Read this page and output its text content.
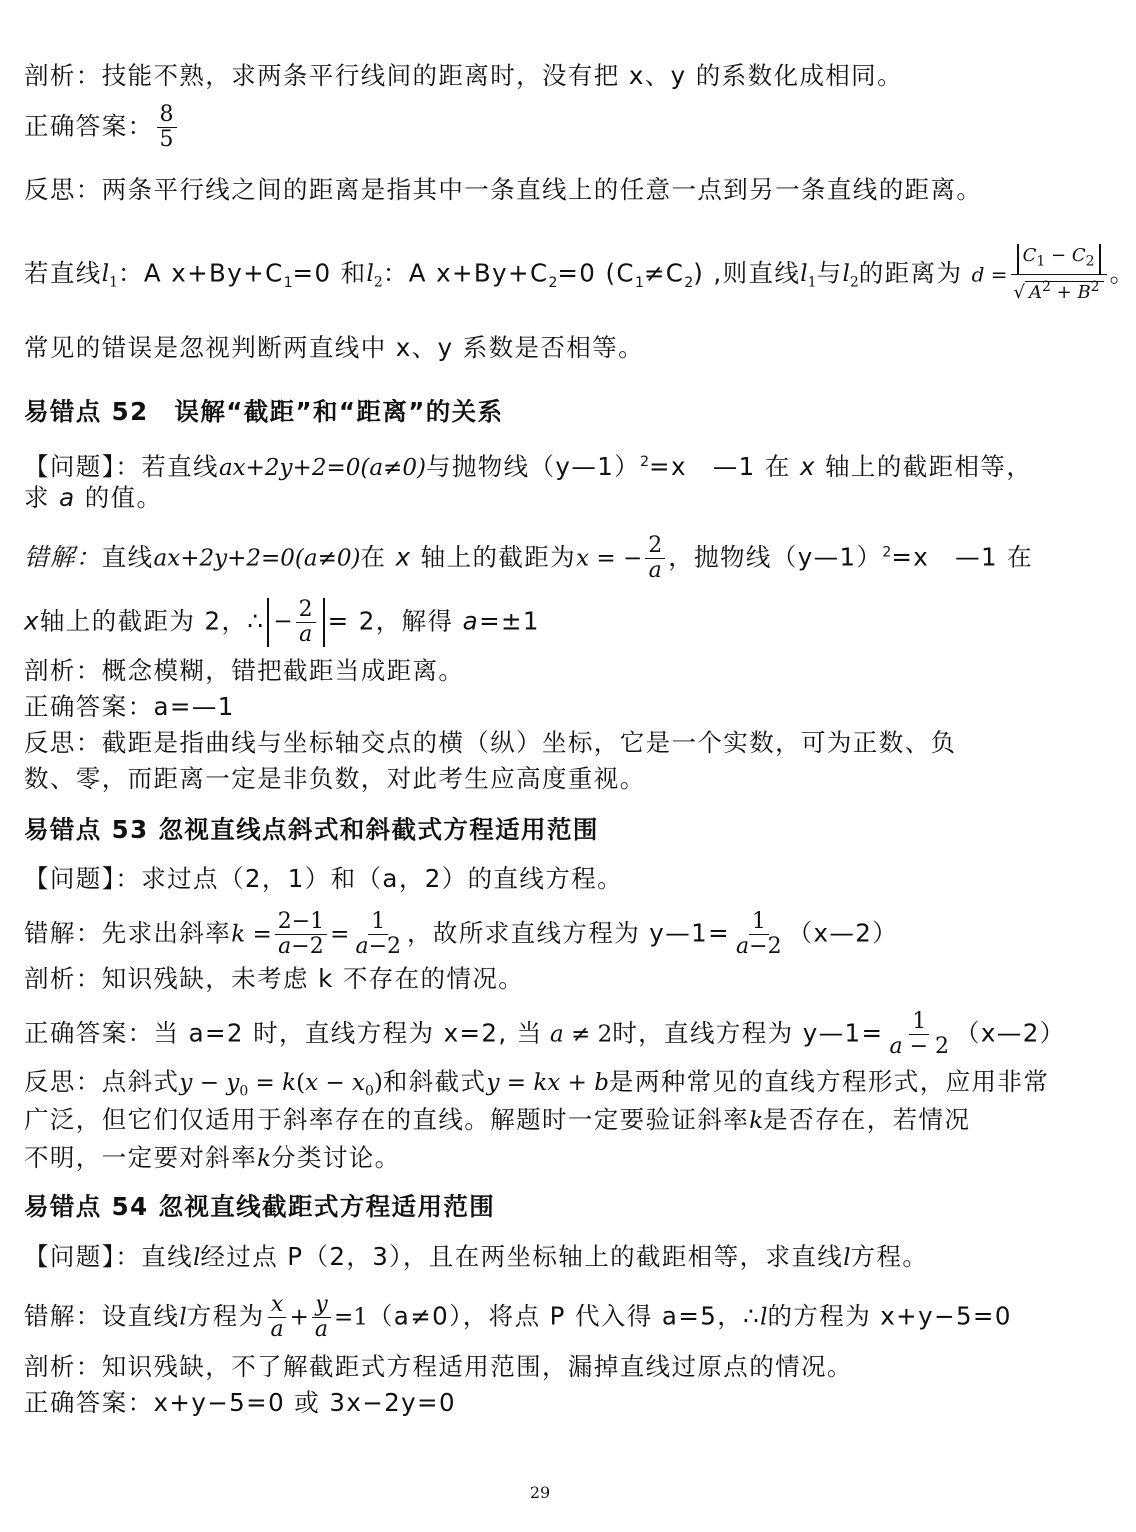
剖析：技能不熟，求两条平行线间的距离时，没有把 x、y 的系数化成相同。
正确答案： $\frac{8}{5}$
反思：两条平行线之间的距离是指其中一条直线上的任意一点到另一条直线的距离。
若直线$l_1$：A $x+By+C_1=0$ 和$l_2$：A $x+By+C_2=0$ $(C_1\ne C_2)$ ,则直线$l_1$与$l_2$的距离为 $d = \frac{C_1 - C_2}{√ A^2 + B^2}$ 。
常见的错误是忽视判断两直线中 x、y 系数是否相等。
易错点 52　误解“截距”和“距离”的关系
【问题】：若直线ax+2y+2=0(a≠0)与抛物线（y—1）$^2$=x　—1 在 x 轴上的截距相等，
求 a 的值。
错解：直线ax+2y+2=0(a≠0)在 x 轴上的截距为x = − $\frac{2}{a}$ ，抛物线（y—1）$^2$=x　—1 在
x轴上的截距为 2，∴ − $\frac{2}{a} = 2$，解得 a=±1
剖析：概念模糊，错把截距当成距离。
正确答案：a=—1
反思：截距是指曲线与坐标轴交点的横（纵）坐标，它是一个实数，可为正数、负
数、零，而距离一定是非负数，对此考生应高度重视。
易错点 53 忽视直线点斜式和斜截式方程适用范围
【问题】：求过点（2，1）和（a，2）的直线方程。
错解：先求出斜率$k = \frac{2-1}{a-2} = \frac{1}{a-2}$ ，故所求直线方程为 y—1= $\frac{1}{a-2}$ （x—2）
剖析：知识残缺，未考虑 k 不存在的情况。
正确答案：当 a=2 时，直线方程为 x=2, 当 a ≠ 2时，直线方程为 y—1= $\frac{1}{a - 2}$ （x—2）
反思：点斜式$y - y_0 = k(x - x_0)$和斜截式y = kx + b是两种常见的直线方程形式，应用非常
广泛，但它们仅适用于斜率存在的直线。解题时一定要验证斜率k是否存在，若情况
不明，一定要对斜率k分类讨论。
易错点 54 忽视直线截距式方程适用范围
【问题】：直线l经过点 P（2，3），且在两坐标轴上的截距相等，求直线l方程。
错解：设直线l方程为 $\frac{x}{a} + \frac{y}{a} =1(a\ne 0)$，将点 P 代入得 a=5，∴l的方程为 x+y−5=0
剖析：知识残缺，不了解截距式方程适用范围，漏掉直线过原点的情况。
正确答案：x+y−5=0 或 3x−2y=0
29
